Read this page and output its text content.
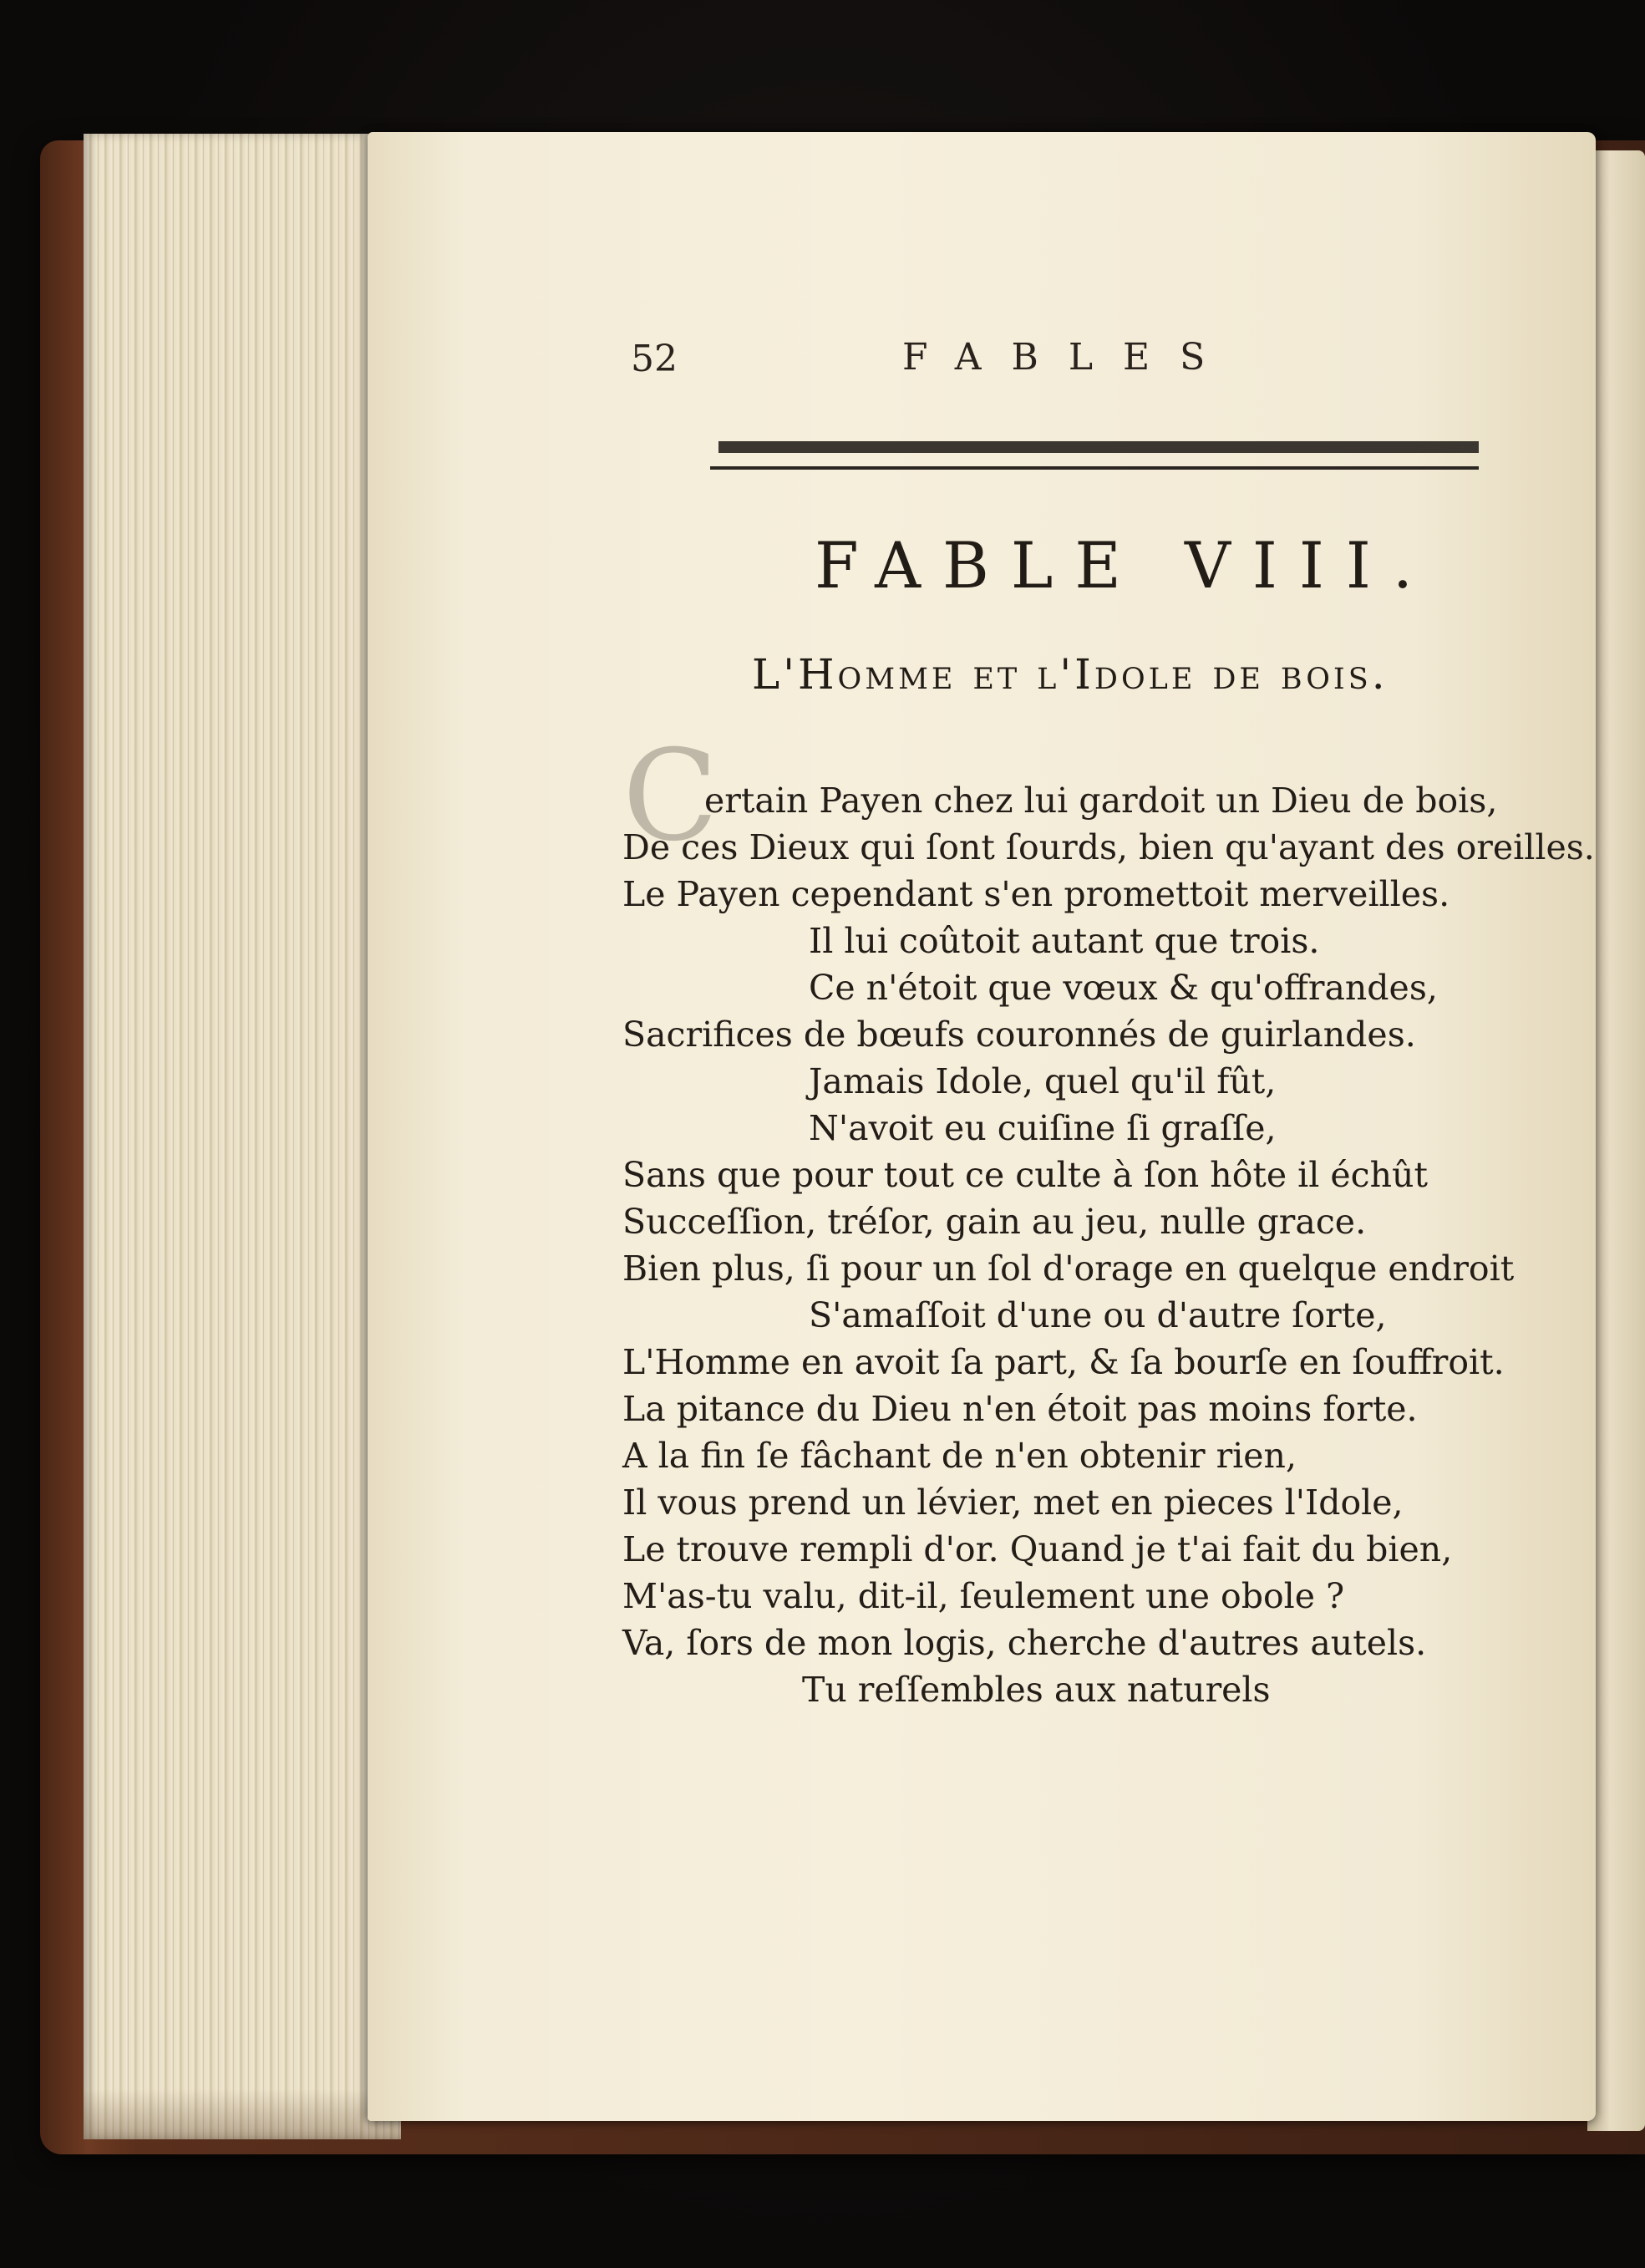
52	FABLES
FABLE VIII.
L'Homme et l'Idole de bois.
C
ertain Payen chez lui gardoit un Dieu de bois,
De ces Dieux qui ſont ſourds, bien qu'ayant des oreilles.
Le Payen cependant s'en promettoit merveilles.
Il lui coûtoit autant que trois.
Ce n'étoit que vœux & qu'offrandes,
Sacrifices de bœufs couronnés de guirlandes.
Jamais Idole, quel qu'il fût,
N'avoit eu cuiſine ſi graſſe,
Sans que pour tout ce culte à ſon hôte il échût
Succeſſion, tréſor, gain au jeu, nulle grace.
Bien plus, ſi pour un ſol d'orage en quelque endroit
S'amaſſoit d'une ou d'autre ſorte,
L'Homme en avoit ſa part, & ſa bourſe en ſouffroit.
La pitance du Dieu n'en étoit pas moins forte.
A la fin ſe fâchant de n'en obtenir rien,
Il vous prend un lévier, met en pieces l'Idole,
Le trouve rempli d'or. Quand je t'ai fait du bien,
M'as-tu valu, dit-il, ſeulement une obole ?
Va, ſors de mon logis, cherche d'autres autels.
Tu reſſembles aux naturels
